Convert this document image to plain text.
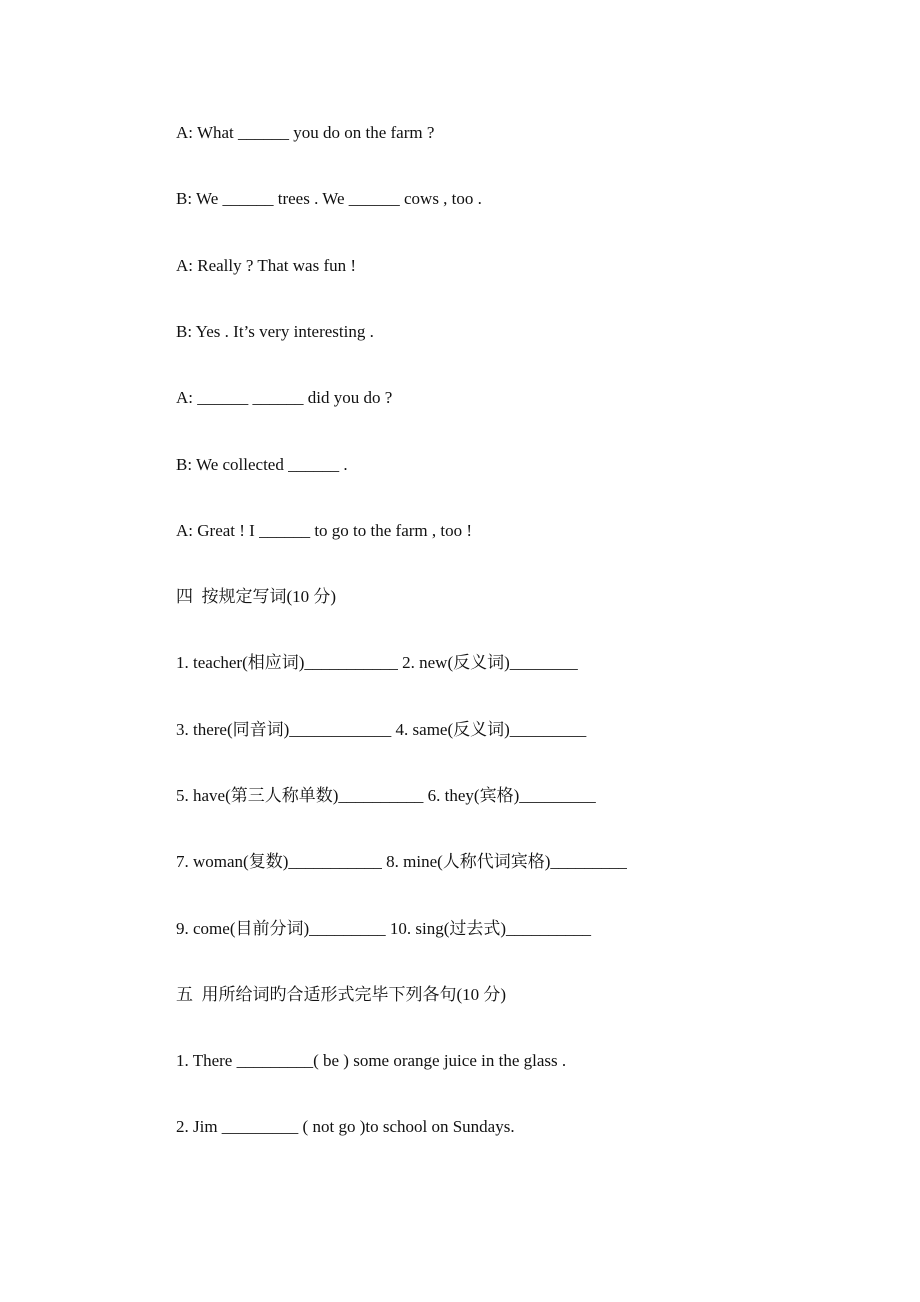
A: What ______ you do on the farm ?
B: We ______ trees . We ______ cows , too .
A: Really ? That was fun !
B: Yes . It’s very interesting .
A: ______ ______ did you do ?
B: We collected ______ .
A: Great ! I ______ to go to the farm , too !
四  按规定写词(10 分)
1. teacher(相应词)___________ 2. new(反义词)________
3. there(同音词)____________ 4. same(反义词)_________
5. have(第三人称单数)__________ 6. they(宾格)_________
7. woman(复数)___________ 8. mine(人称代词宾格)_________
9. come(目前分词)_________ 10. sing(过去式)__________
五  用所给词旳合适形式完毕下列各句(10 分)
1. There _________( be ) some orange juice in the glass .
2. Jim _________ ( not go )to school on Sundays.
